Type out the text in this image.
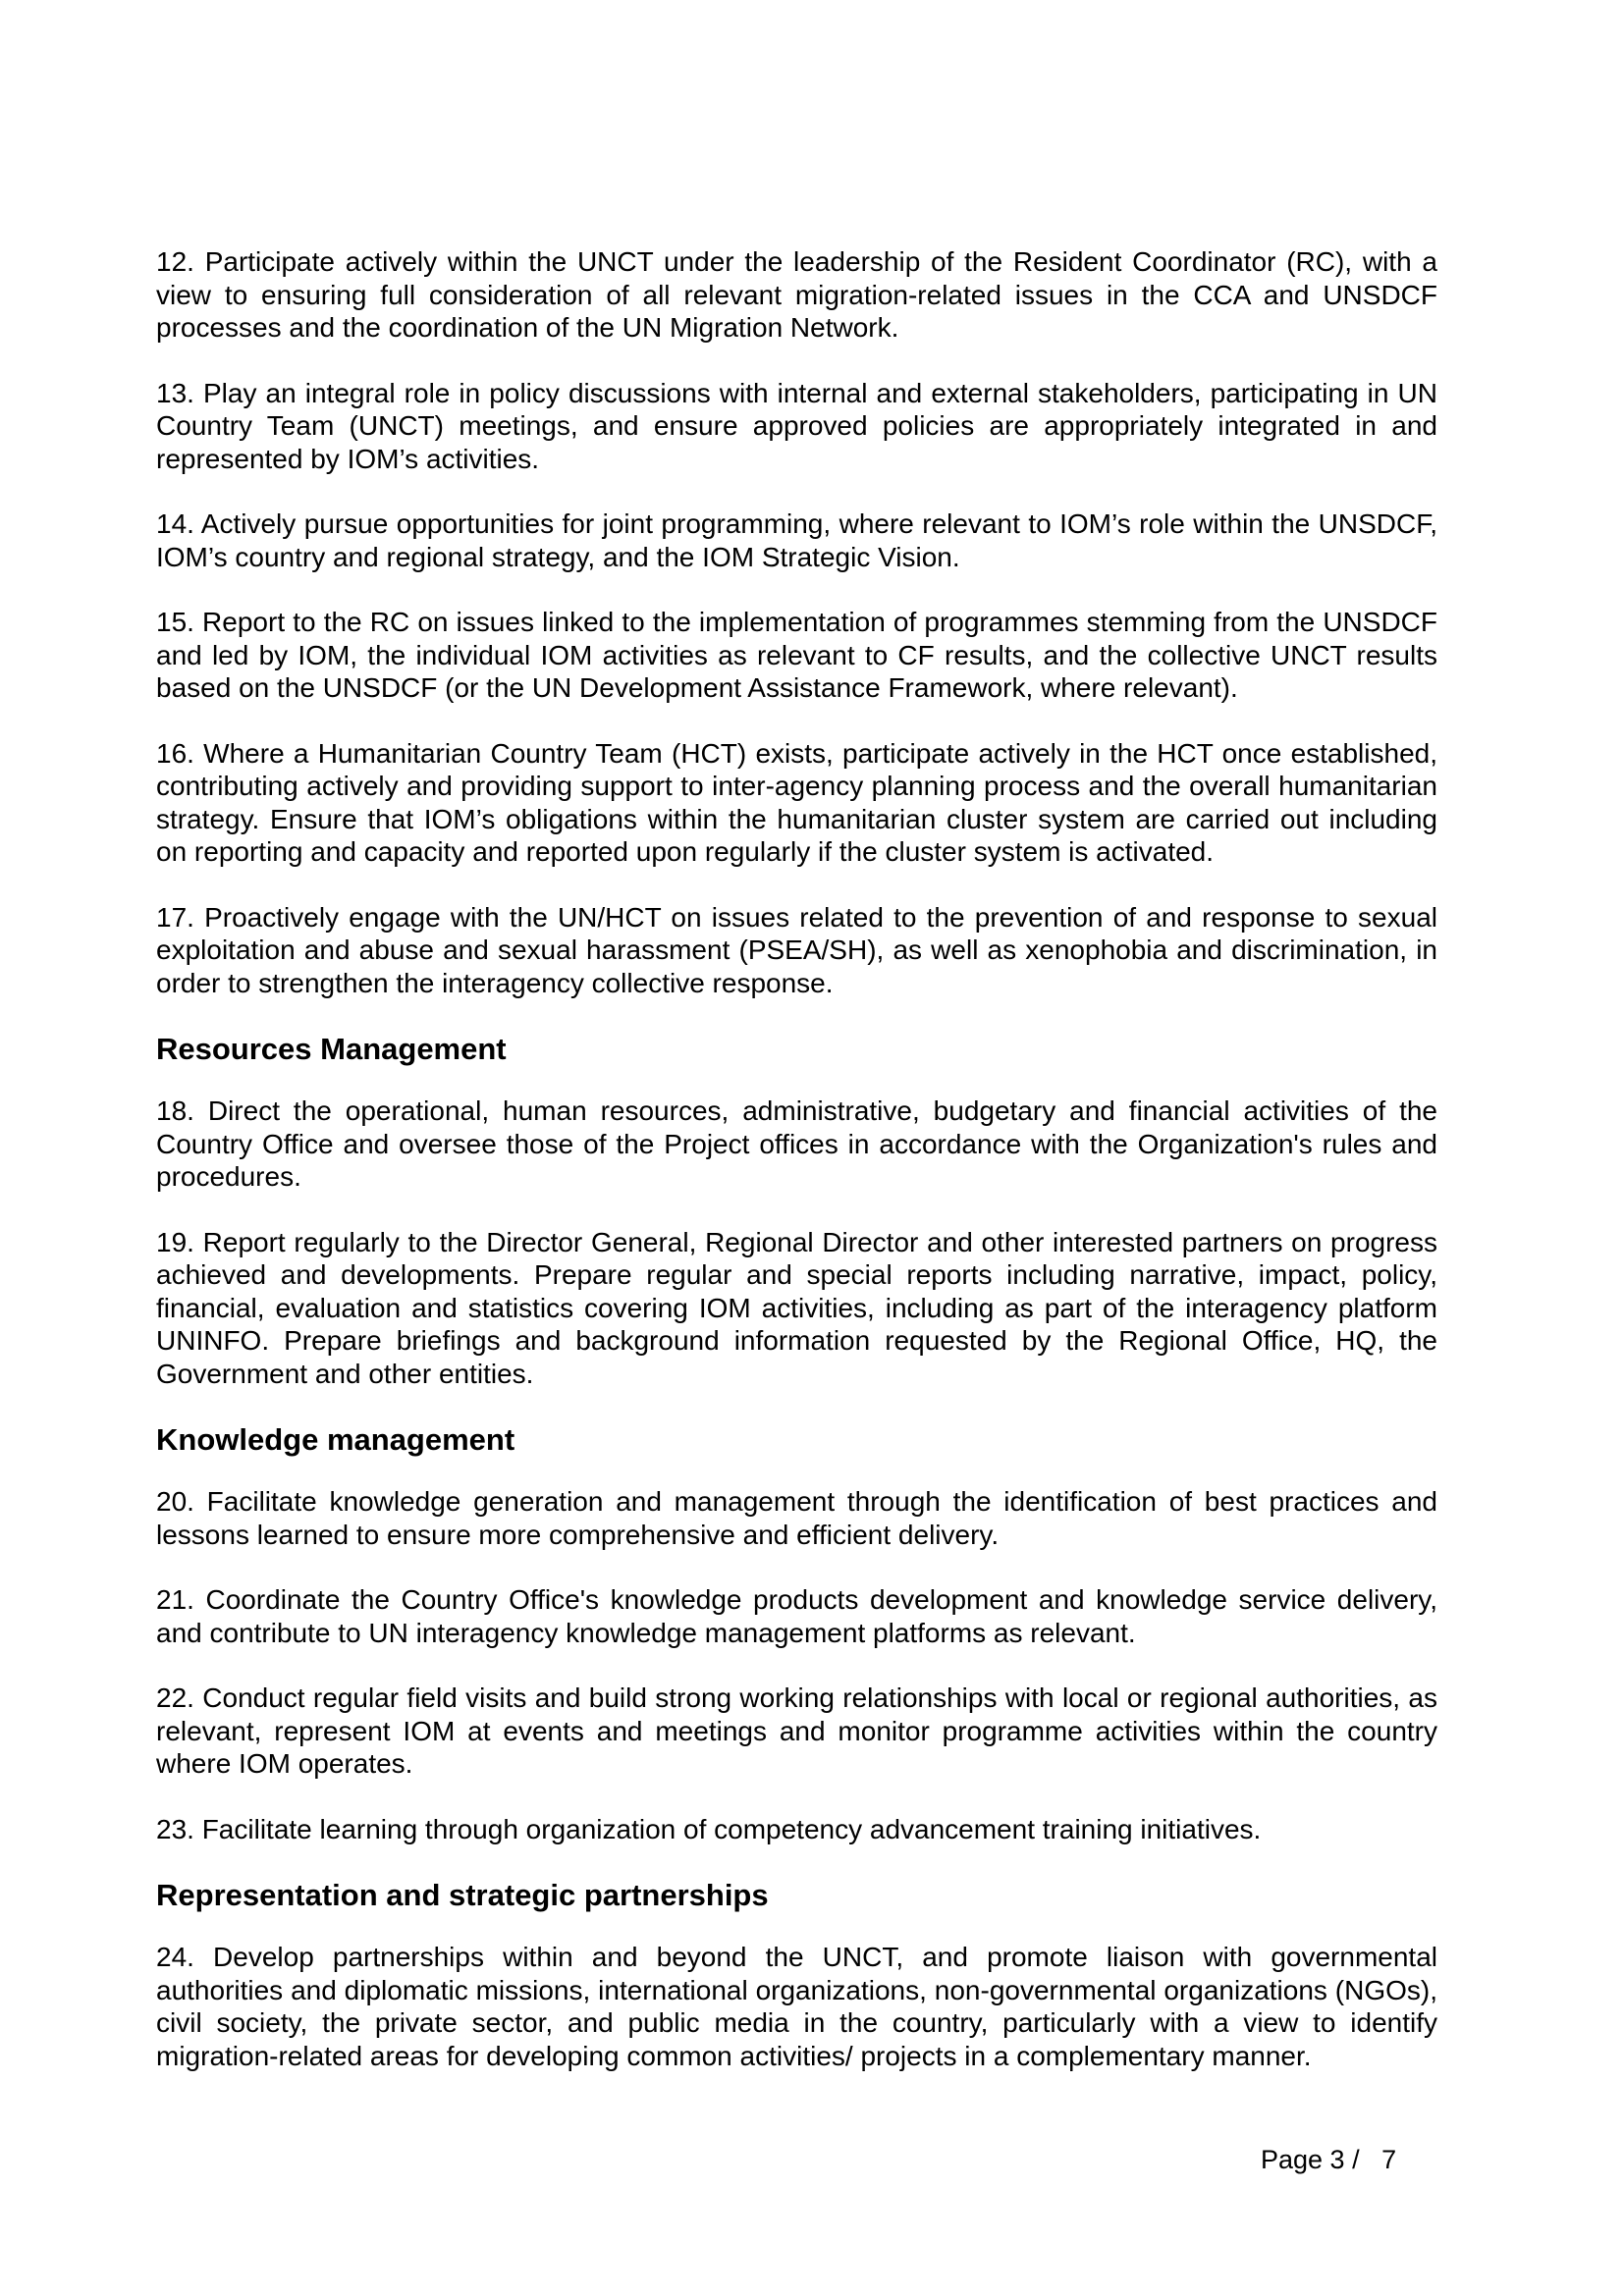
12. Participate actively within the UNCT under the leadership of the Resident Coordinator (RC), with a view to ensuring full consideration of all relevant migration-related issues in the CCA and UNSDCF processes and the coordination of the UN Migration Network.

13. Play an integral role in policy discussions with internal and external stakeholders, participating in UN Country Team (UNCT) meetings, and ensure approved policies are appropriately integrated in and represented by IOM’s activities.

14. Actively pursue opportunities for joint programming, where relevant to IOM’s role within the UNSDCF, IOM’s country and regional strategy, and the IOM Strategic Vision.

15. Report to the RC on issues linked to the implementation of programmes stemming from the UNSDCF and led by IOM, the individual IOM activities as relevant to CF results, and the collective UNCT results based on the UNSDCF (or the UN Development Assistance Framework, where relevant).

16. Where a Humanitarian Country Team (HCT) exists, participate actively in the HCT once established, contributing actively and providing support to inter-agency planning process and the overall humanitarian strategy. Ensure that IOM’s obligations within the humanitarian cluster system are carried out including on reporting and capacity and reported upon regularly if the cluster system is activated.

17. Proactively engage with the UN/HCT on issues related to the prevention of and response to sexual exploitation and abuse and sexual harassment (PSEA/SH), as well as xenophobia and discrimination, in order to strengthen the interagency collective response.

Resources Management

18. Direct the operational, human resources, administrative, budgetary and financial activities of the Country Office and oversee those of the Project offices in accordance with the Organization's rules and procedures.

19. Report regularly to the Director General, Regional Director and other interested partners on progress achieved and developments. Prepare regular and special reports including narrative, impact, policy, financial, evaluation and statistics covering IOM activities, including as part of the interagency platform UNINFO. Prepare briefings and background information requested by the Regional Office, HQ, the Government and other entities.

Knowledge management

20. Facilitate knowledge generation and management through the identification of best practices and lessons learned to ensure more comprehensive and efficient delivery.

21. Coordinate the Country Office's knowledge products development and knowledge service delivery, and contribute to UN interagency knowledge management platforms as relevant.

22. Conduct regular field visits and build strong working relationships with local or regional authorities, as relevant, represent IOM at events and meetings and monitor programme activities within the country where IOM operates.

23. Facilitate learning through organization of competency advancement training initiatives.

Representation and strategic partnerships

24. Develop partnerships within and beyond the UNCT, and promote liaison with governmental authorities and diplomatic missions, international organizations, non-governmental organizations (NGOs), civil society, the private sector, and public media in the country, particularly with a view to identify migration-related areas for developing common activities/ projects in a complementary manner.

Page 3 /   7
